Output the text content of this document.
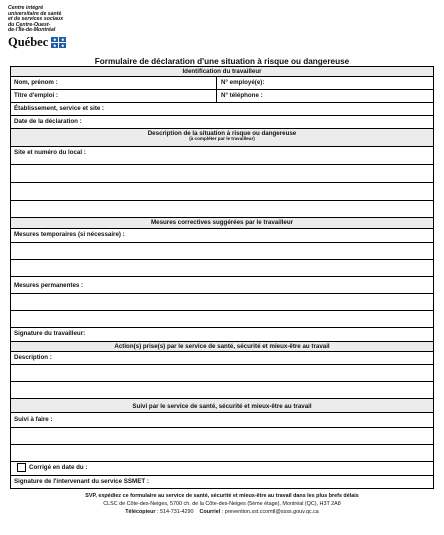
Centre intégré
universitaire de santé
et de services sociaux
du Centre-Ouest-
de-l'Île-de-Montréal
Québec	⚜	⚜
⚜	⚜
Formulaire de déclaration d'une situation à risque ou dangereuse
Identification du travailleur
Nom, prénom :	N° employé(e):
Titre d'emploi :	N° téléphone :
Établissement, service et site :
Date de la déclaration :
Description de la situation à risque ou dangereuse
(à compléter par le travailleur)
Site et numéro du local :
Mesures correctives suggérées par le travailleur
Mesures temporaires (si nécessaire) :
Mesures permanentes :
Signature du travailleur:
Action(s) prise(s) par le service de santé, sécurité et mieux-être au travail
Description :
Suivi par le service de santé, sécurité et mieux-être au travail
Suivi à faire :
Corrigé en date du :
Signature de l'intervenant du service SSMET :
SVP, expédiez ce formulaire au service de santé, sécurité et mieux-être au travail dans les plus brefs délais
CLSC de Côte-des-Neiges, 5700 ch. de la Côte-des-Neiges (5ème étage), Montréal (QC), H3T 2A8
Télécopieur : 514-731-4290 Courriel : prevention.sst.ccomtl@ssss.gouv.qc.ca
